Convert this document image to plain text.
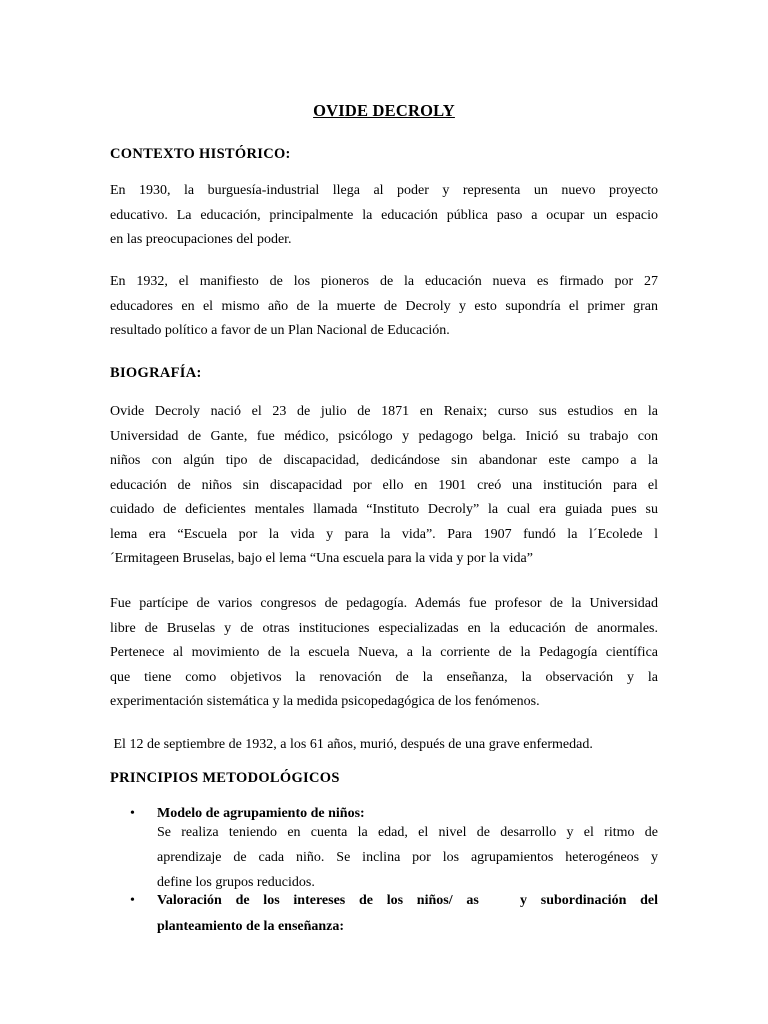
OVIDE DECROLY
CONTEXTO HISTÓRICO:
En 1930, la burguesía-industrial llega al poder y representa un nuevo proyecto
educativo. La educación, principalmente la educación pública paso a ocupar un espacio
en las preocupaciones del poder.
En 1932, el manifiesto de los pioneros de la educación nueva es firmado por 27
educadores en el mismo año de la muerte de Decroly y esto supondría el primer gran
resultado político a favor de un Plan Nacional de Educación.
BIOGRAFÍA:
Ovide Decroly nació el 23 de julio de 1871 en Renaix; curso sus estudios en la
Universidad de Gante, fue médico, psicólogo y pedagogo belga. Inició su trabajo con
niños con algún tipo de discapacidad, dedicándose sin abandonar este campo a la
educación de niños sin discapacidad por ello en 1901 creó una institución para el
cuidado de deficientes mentales llamada “Instituto Decroly” la cual era guiada pues su
lema era “Escuela por la vida y para la vida”. Para 1907 fundó la l´Ecolede l
´Ermitageen Bruselas, bajo el lema “Una escuela para la vida y por la vida”
Fue partícipe de varios congresos de pedagogía. Además fue profesor de la Universidad
libre de Bruselas y de otras instituciones especializadas en la educación de anormales.
Pertenece al movimiento de la escuela Nueva, a la corriente de la Pedagogía científica
que tiene como objetivos la renovación de la enseñanza, la observación y la
experimentación sistemática y la medida psicopedagógica de los fenómenos.
El 12 de septiembre de 1932, a los 61 años, murió, después de una grave enfermedad.
PRINCIPIOS METODOLÓGICOS
• Modelo de agrupamiento de niños:
Se realiza teniendo en cuenta la edad, el nivel de desarrollo y el ritmo de
aprendizaje de cada niño. Se inclina por los agrupamientos heterogéneos y
define los grupos reducidos.
• Valoración de los intereses de los niños/ as   y subordinación del
planteamiento de la enseñanza:
